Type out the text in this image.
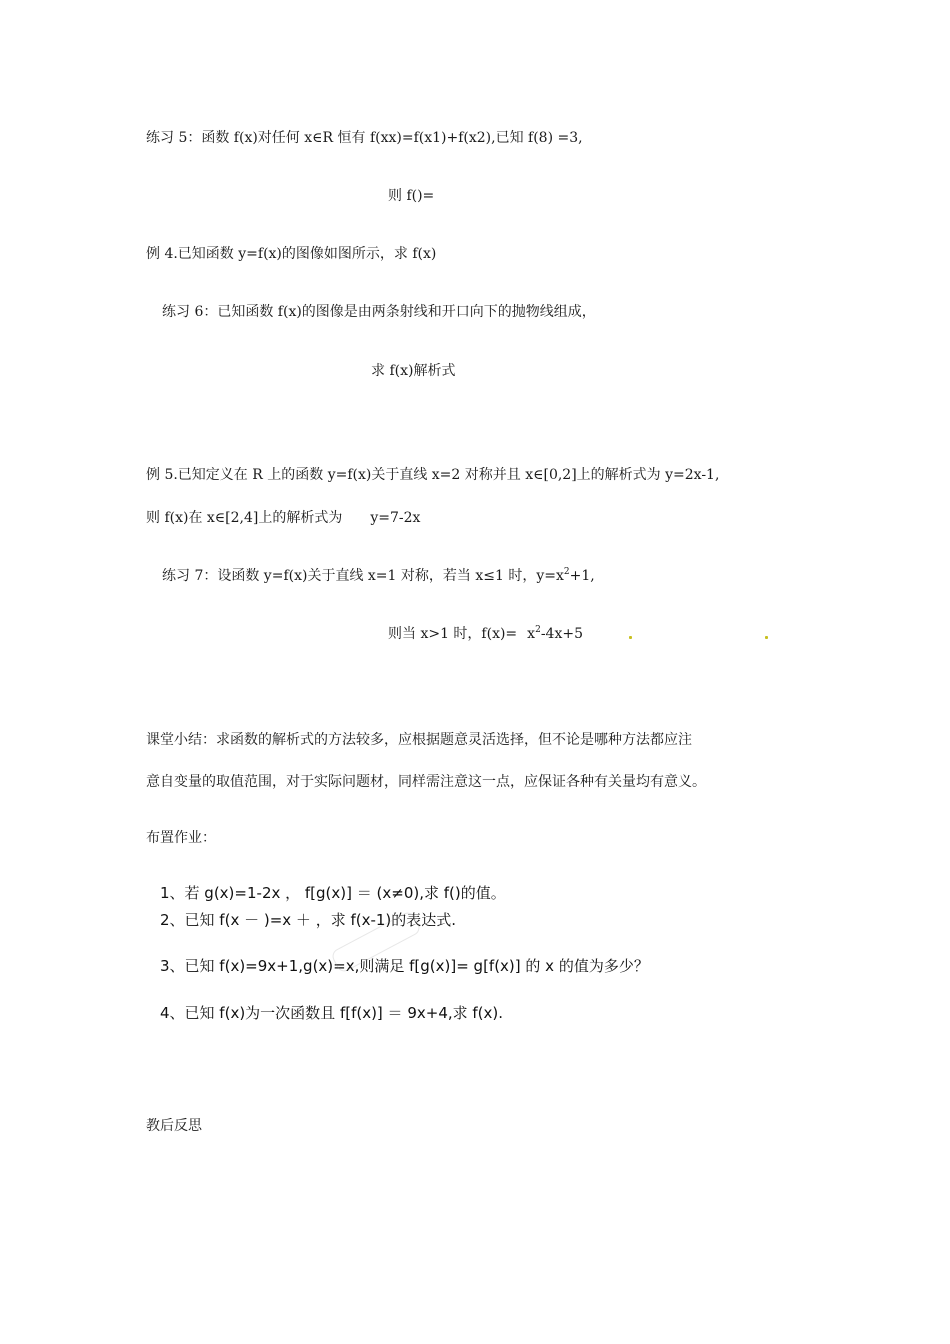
练习 5：函数 f(x)对任何 x∈R 恒有 f(xx)=f(x1)+f(x2),已知 f(8) =3,
则 f()=
例 4.已知函数 y=f(x)的图像如图所示，求 f(x)
练习 6：已知函数 f(x)的图像是由两条射线和开口向下的抛物线组成，
求 f(x)解析式
例 5.已知定义在 R 上的函数 y=f(x)关于直线 x=2 对称并且 x∈[0,2]上的解析式为 y=2x-1,
则 f(x)在 x∈[2,4]上的解析式为 y=7-2x
练习 7：设函数 y=f(x)关于直线 x=1 对称，若当 x≤1 时，$y=x^2+1$,
则当 x>1 时，$f(x)= x^2-4x+5$
课堂小结：求函数的解析式的方法较多，应根据题意灵活选择，但不论是哪种方法都应注
意自变量的取值范围，对于实际问题材，同样需注意这一点，应保证各种有关量均有意义。
布置作业：
1、若 g(x)=1-2x ， f[g(x)] ＝ (x≠0),求 f()的值。
2、已知 f(x － )=x ＋ ，求 f(x-1)的表达式.
3、已知 f(x)=9x+1,g(x)=x,则满足 f[g(x)]= g[f(x)] 的 x 的值为多少？
4、已知 f(x)为一次函数且 f[f(x)] ＝ 9x+4,求 f(x).
教后反思
